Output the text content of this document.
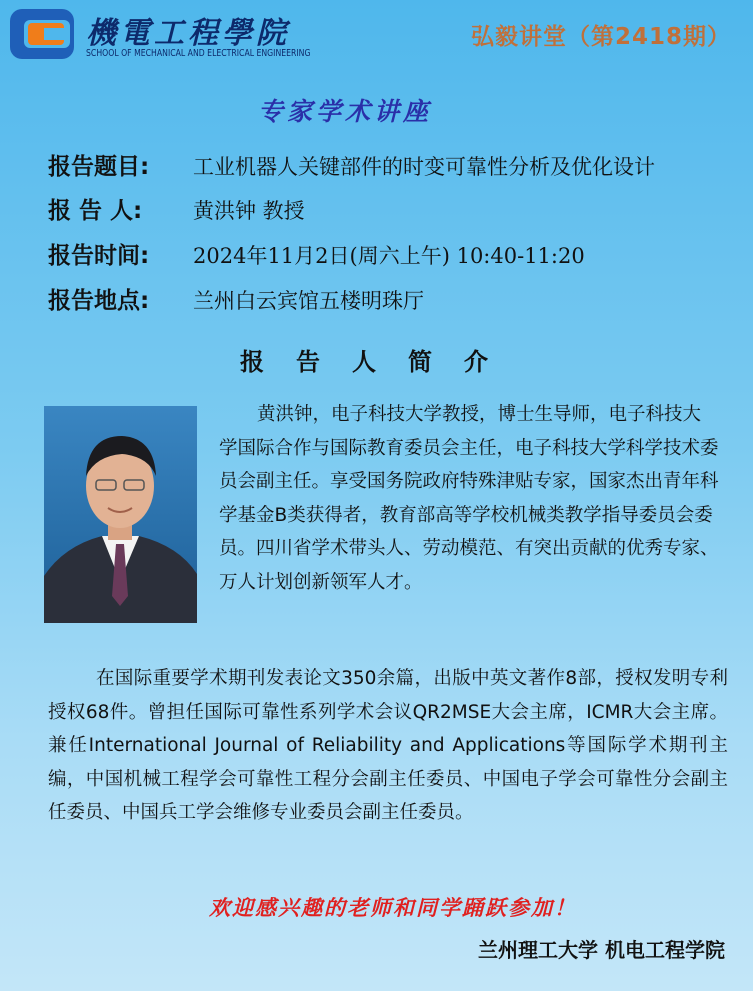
機電工程學院
SCHOOL OF MECHANICAL AND ELECTRICAL ENGINEERING
弘毅讲堂（第2418期）
专家学术讲座
报告题目: 工业机器人关键部件的时变可靠性分析及优化设计
报 告 人: 黄洪钟 教授
报告时间: 2024年11月2日(周六上午) 10:40-11:20
报告地点: 兰州白云宾馆五楼明珠厅
报告人简介
黄洪钟，电子科技大学教授，博士生导师，电子科技大学国际合作与国际教育委员会主任，电子科技大学科学技术委员会副主任。享受国务院政府特殊津贴专家，国家杰出青年科学基金B类获得者，教育部高等学校机械类教学指导委员会委员。四川省学术带头人、劳动模范、有突出贡献的优秀专家、万人计划创新领军人才。
在国际重要学术期刊发表论文350余篇，出版中英文著作8部，授权发明专利授权68件。曾担任国际可靠性系列学术会议QR2MSE大会主席，ICMR大会主席。兼任International Journal of Reliability and Applications等国际学术期刊主编，中国机械工程学会可靠性工程分会副主任委员、中国电子学会可靠性分会副主任委员、中国兵工学会维修专业委员会副主任委员。
欢迎感兴趣的老师和同学踊跃参加！
兰州理工大学 机电工程学院
